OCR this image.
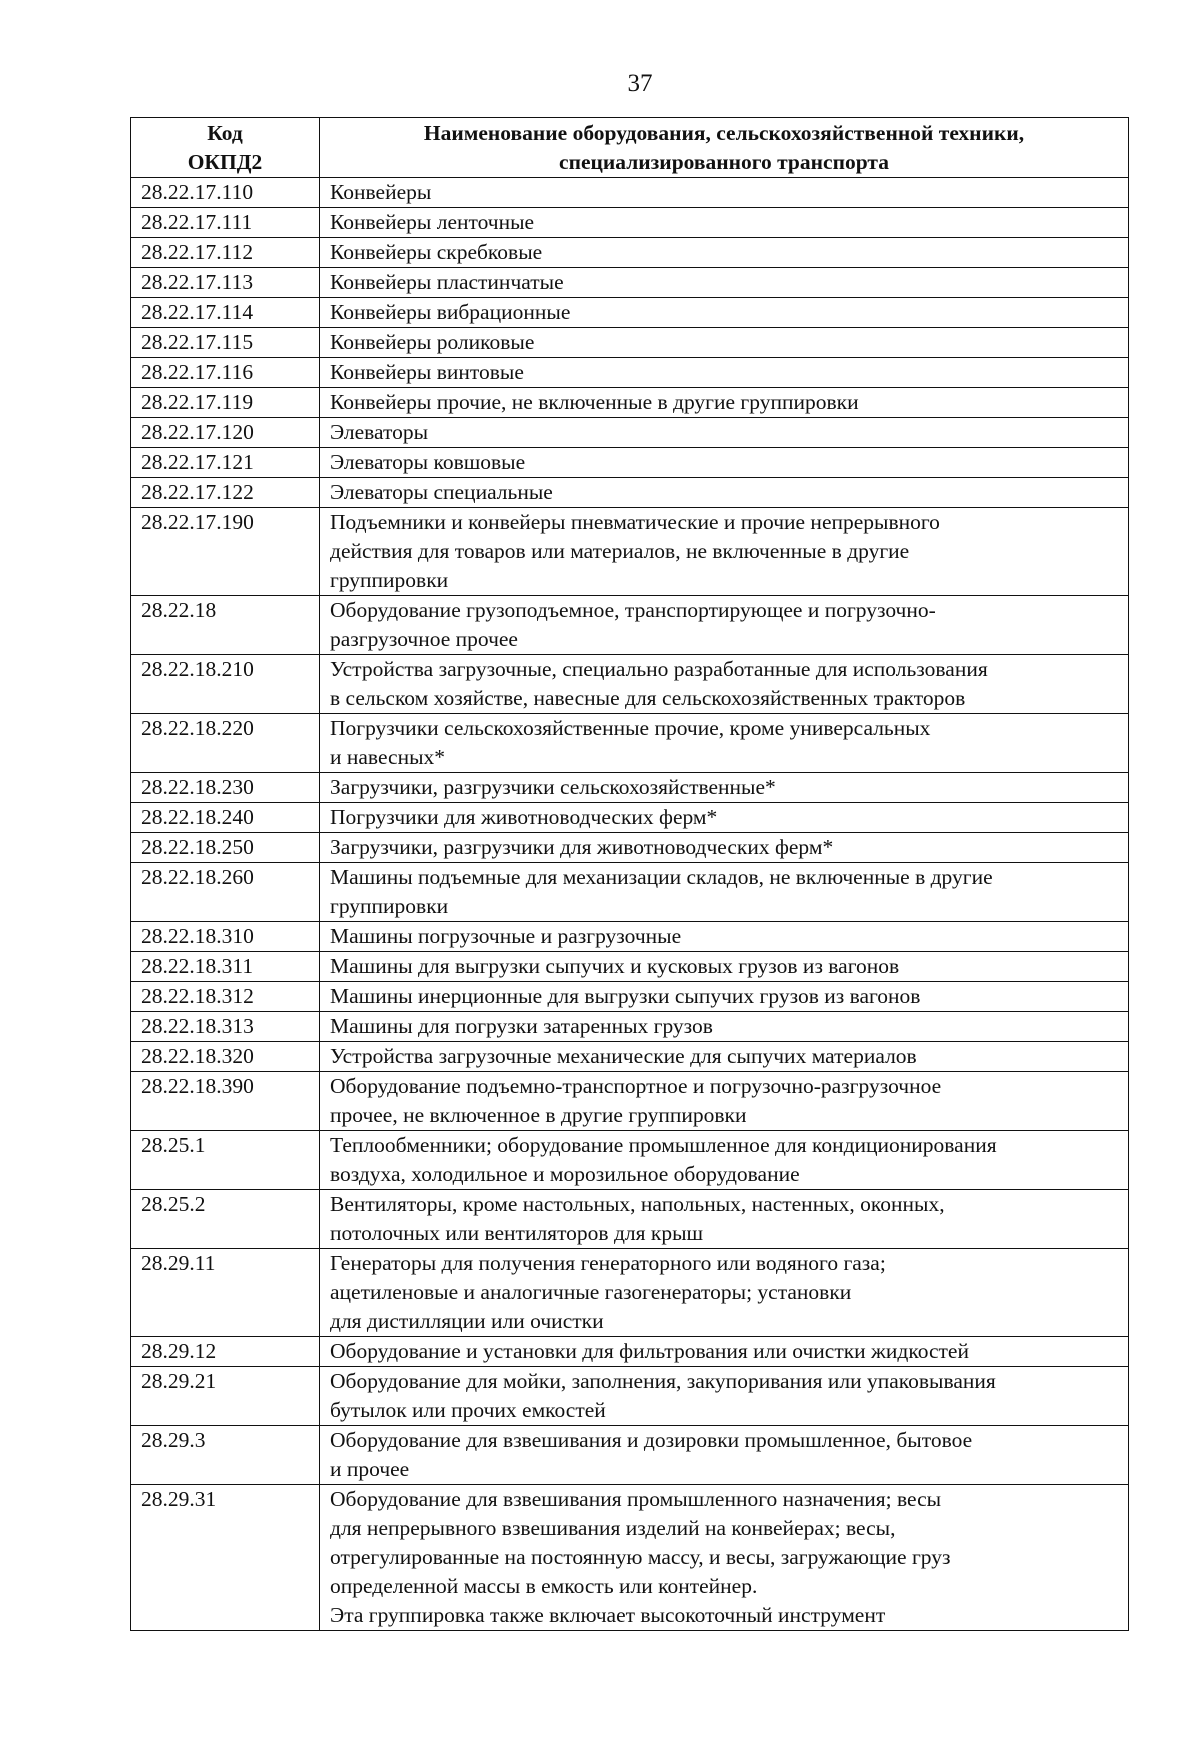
37
Код
ОКПД2	Наименование оборудования, сельскохозяйственной техники,
специализированного транспорта

28.22.17.110	Конвейеры

28.22.17.111	Конвейеры ленточные

28.22.17.112	Конвейеры скребковые

28.22.17.113	Конвейеры пластинчатые

28.22.17.114	Конвейеры вибрационные

28.22.17.115	Конвейеры роликовые

28.22.17.116	Конвейеры винтовые

28.22.17.119	Конвейеры прочие, не включенные в другие группировки

28.22.17.120	Элеваторы

28.22.17.121	Элеваторы ковшовые

28.22.17.122	Элеваторы специальные

28.22.17.190	Подъемники и конвейеры пневматические и прочие непрерывного
действия для товаров или материалов, не включенные в другие
группировки

28.22.18	Оборудование грузоподъемное, транспортирующее и погрузочно-
разгрузочное прочее

28.22.18.210	Устройства загрузочные, специально разработанные для использования
в сельском хозяйстве, навесные для сельскохозяйственных тракторов

28.22.18.220	Погрузчики сельскохозяйственные прочие, кроме универсальных
и навесных*

28.22.18.230	Загрузчики, разгрузчики сельскохозяйственные*

28.22.18.240	Погрузчики для животноводческих ферм*

28.22.18.250	Загрузчики, разгрузчики для животноводческих ферм*

28.22.18.260	Машины подъемные для механизации складов, не включенные в другие
группировки

28.22.18.310	Машины погрузочные и разгрузочные

28.22.18.311	Машины для выгрузки сыпучих и кусковых грузов из вагонов

28.22.18.312	Машины инерционные для выгрузки сыпучих грузов из вагонов

28.22.18.313	Машины для погрузки затаренных грузов

28.22.18.320	Устройства загрузочные механические для сыпучих материалов

28.22.18.390	Оборудование подъемно-транспортное и погрузочно-разгрузочное
прочее, не включенное в другие группировки

28.25.1	Теплообменники; оборудование промышленное для кондиционирования
воздуха, холодильное и морозильное оборудование

28.25.2	Вентиляторы, кроме настольных, напольных, настенных, оконных,
потолочных или вентиляторов для крыш

28.29.11	Генераторы для получения генераторного или водяного газа;
ацетиленовые и аналогичные газогенераторы; установки
для дистилляции или очистки

28.29.12	Оборудование и установки для фильтрования или очистки жидкостей

28.29.21	Оборудование для мойки, заполнения, закупоривания или упаковывания
бутылок или прочих емкостей

28.29.3	Оборудование для взвешивания и дозировки промышленное, бытовое
и прочее

28.29.31	Оборудование для взвешивания промышленного назначения; весы
для непрерывного взвешивания изделий на конвейерах; весы,
отрегулированные на постоянную массу, и весы, загружающие груз
определенной массы в емкость или контейнер.
Эта группировка также включает высокоточный инструмент
